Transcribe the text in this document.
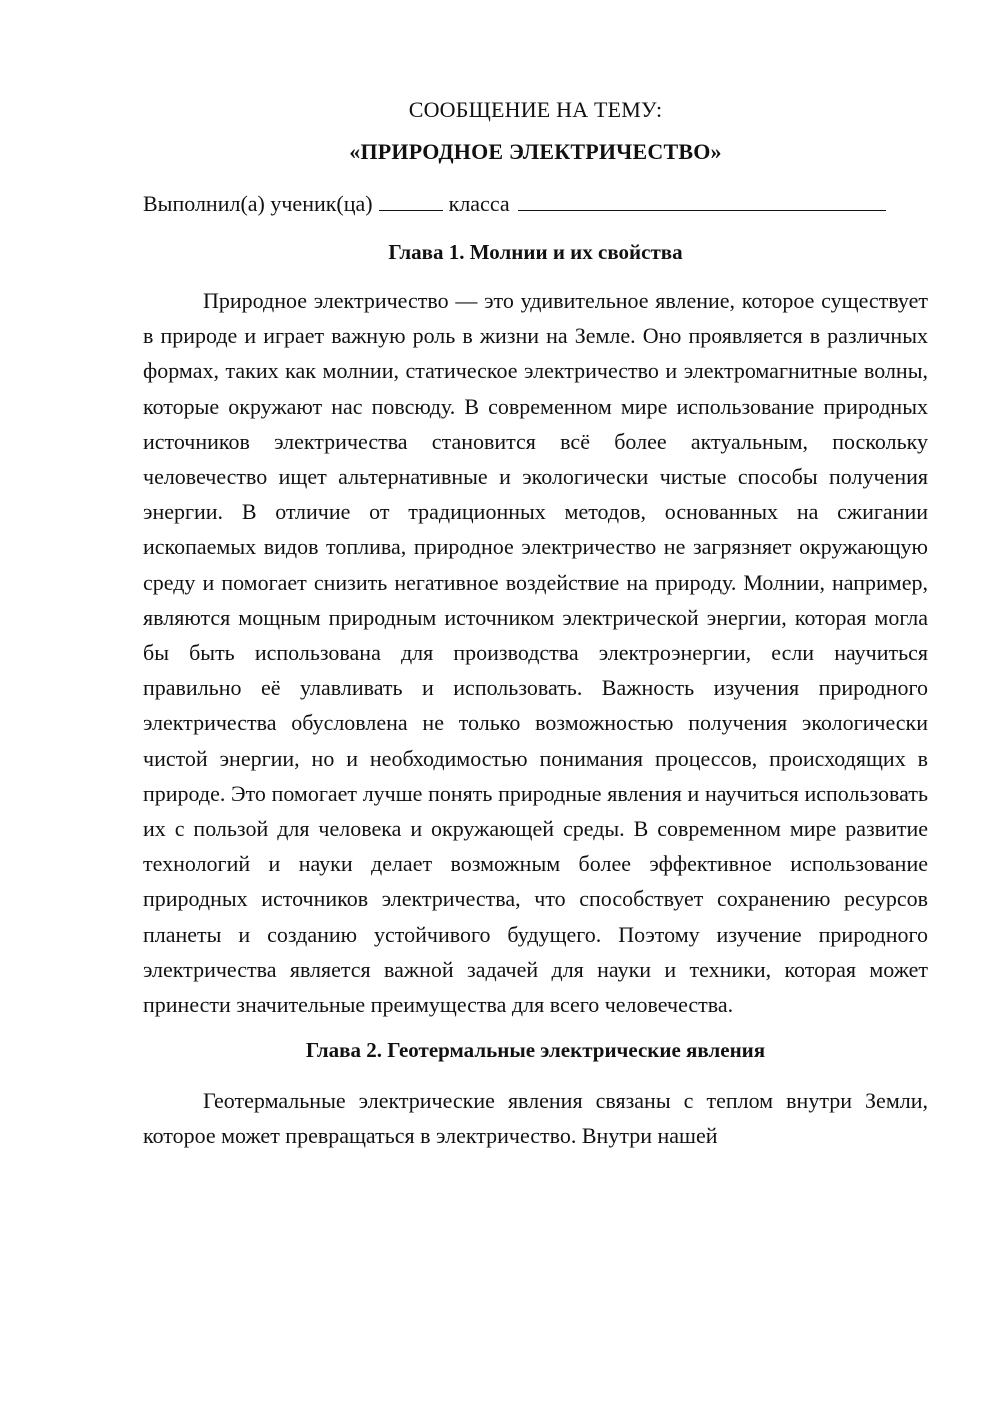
СООБЩЕНИЕ НА ТЕМУ:
«ПРИРОДНОЕ ЭЛЕКТРИЧЕСТВО»
Выполнил(а) ученик(ца)	класса
Глава 1. Молнии и их свойства

Природное электричество — это удивительное явление, которое существует в природе и играет важную роль в жизни на Земле. Оно проявляется в различных формах, таких как молнии, статическое электричество и электромагнитные волны, которые окружают нас повсюду. В современном мире использование природных источников электричества становится всё более актуальным, поскольку человечество ищет альтернативные и экологически чистые способы получения энергии. В отличие от традиционных методов, основанных на сжигании ископаемых видов топлива, природное электричество не загрязняет окружающую среду и помогает снизить негативное воздействие на природу. Молнии, например, являются мощным природным источником электрической энергии, которая могла бы быть использована для производства электроэнергии, если научиться правильно её улавливать и использовать. Важность изучения природного электричества обусловлена не только возможностью получения экологически чистой энергии, но и необходимостью понимания процессов, происходящих в природе. Это помогает лучше понять природные явления и научиться использовать их с пользой для человека и окружающей среды. В современном мире развитие технологий и науки делает возможным более эффективное использование природных источников электричества, что способствует сохранению ресурсов планеты и созданию устойчивого будущего. Поэтому изучение природного электричества является важной задачей для науки и техники, которая может принести значительные преимущества для всего человечества.

Глава 2. Геотермальные электрические явления

Геотермальные электрические явления связаны с теплом внутри Земли, которое может превращаться в электричество. Внутри нашей
